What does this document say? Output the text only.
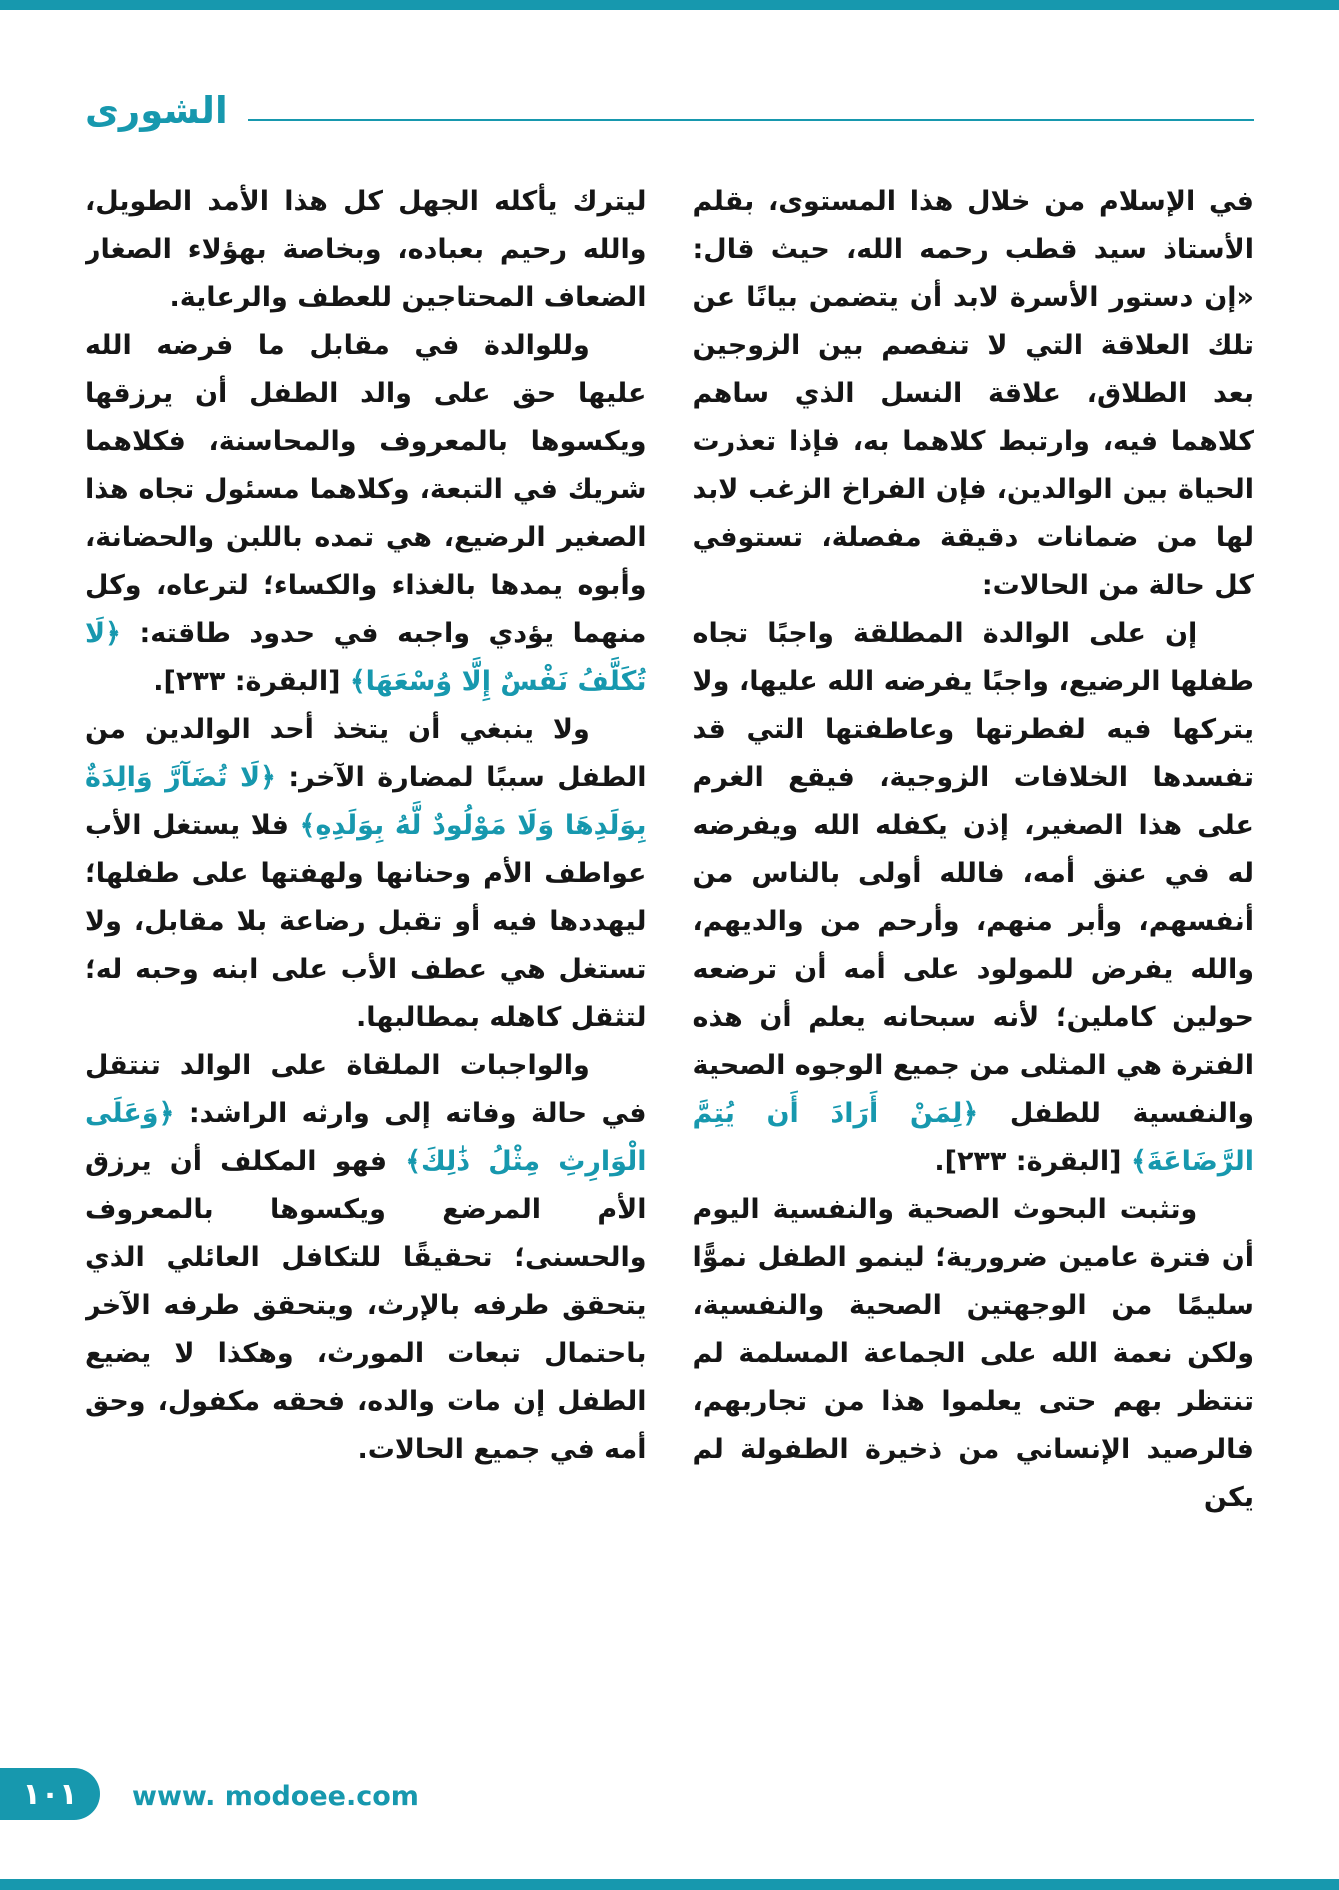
الشورى

في الإسلام من خلال هذا المستوى، بقلم الأستاذ سيد قطب رحمه الله، حيث قال: «إن دستور الأسرة لابد أن يتضمن بيانًا عن تلك العلاقة التي لا تنفصم بين الزوجين بعد الطلاق، علاقة النسل الذي ساهم كلاهما فيه، وارتبط كلاهما به، فإذا تعذرت الحياة بين الوالدين، فإن الفراخ الزغب لابد لها من ضمانات دقيقة مفصلة، تستوفي كل حالة من الحالات:

إن على الوالدة المطلقة واجبًا تجاه طفلها الرضيع، واجبًا يفرضه الله عليها، ولا يتركها فيه لفطرتها وعاطفتها التي قد تفسدها الخلافات الزوجية، فيقع الغرم على هذا الصغير، إذن يكفله الله ويفرضه له في عنق أمه، فالله أولى بالناس من أنفسهم، وأبر منهم، وأرحم من والديهم، والله يفرض للمولود على أمه أن ترضعه حولين كاملين؛ لأنه سبحانه يعلم أن هذه الفترة هي المثلى من جميع الوجوه الصحية والنفسية للطفل ﴿لِمَنْ أَرَادَ أَن يُتِمَّ الرَّضَاعَةَ﴾ [البقرة: ٢٣٣].

وتثبت البحوث الصحية والنفسية اليوم أن فترة عامين ضرورية؛ لينمو الطفل نموًّا سليمًا من الوجهتين الصحية والنفسية، ولكن نعمة الله على الجماعة المسلمة لم تنتظر بهم حتى يعلموا هذا من تجاربهم، فالرصيد الإنساني من ذخيرة الطفولة لم يكن

ليترك يأكله الجهل كل هذا الأمد الطويل، والله رحيم بعباده، وبخاصة بهؤلاء الصغار الضعاف المحتاجين للعطف والرعاية.

وللوالدة في مقابل ما فرضه الله عليها حق على والد الطفل أن يرزقها ويكسوها بالمعروف والمحاسنة، فكلاهما شريك في التبعة، وكلاهما مسئول تجاه هذا الصغير الرضيع، هي تمده باللبن والحضانة، وأبوه يمدها بالغذاء والكساء؛ لترعاه، وكل منهما يؤدي واجبه في حدود طاقته: ﴿لَا تُكَلَّفُ نَفْسٌ إِلَّا وُسْعَهَا﴾ [البقرة: ٢٣٣].

ولا ينبغي أن يتخذ أحد الوالدين من الطفل سببًا لمضارة الآخر: ﴿لَا تُضَآرَّ وَالِدَةٌ بِوَلَدِهَا وَلَا مَوْلُودٌ لَّهُ بِوَلَدِهِ﴾ فلا يستغل الأب عواطف الأم وحنانها ولهفتها على طفلها؛ ليهددها فيه أو تقبل رضاعة بلا مقابل، ولا تستغل هي عطف الأب على ابنه وحبه له؛ لتثقل كاهله بمطالبها.

والواجبات الملقاة على الوالد تنتقل في حالة وفاته إلى وارثه الراشد: ﴿وَعَلَى الْوَارِثِ مِثْلُ ذَٰلِكَ﴾ فهو المكلف أن يرزق الأم المرضع ويكسوها بالمعروف والحسنى؛ تحقيقًا للتكافل العائلي الذي يتحقق طرفه بالإرث، ويتحقق طرفه الآخر باحتمال تبعات المورث، وهكذا لا يضيع الطفل إن مات والده، فحقه مكفول، وحق أمه في جميع الحالات.

١٠١ www. modoee.com
